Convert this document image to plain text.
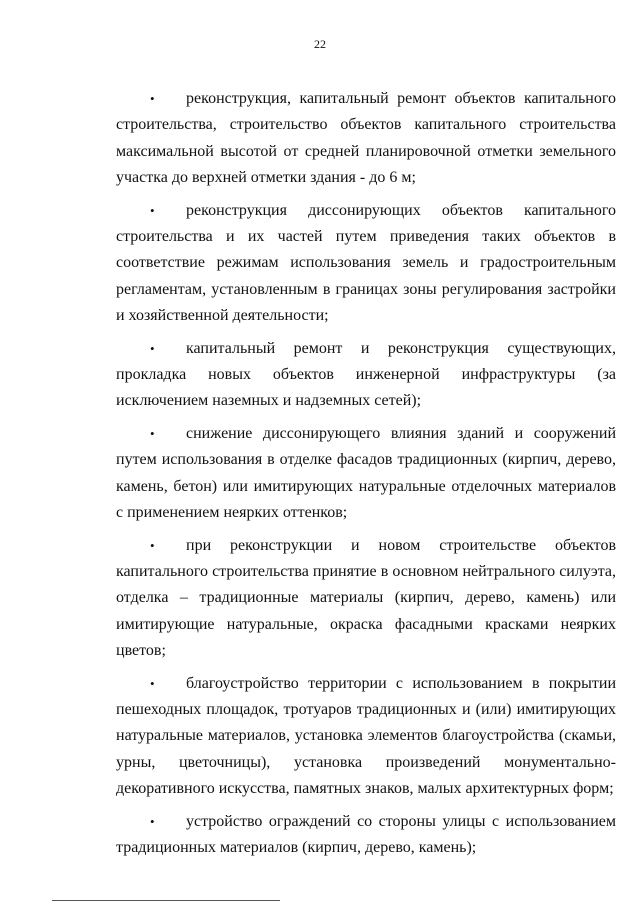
22

• реконструкция, капитальный ремонт объектов капитального строительства, строительство объектов капитального строительства максимальной высотой от средней планировочной отметки земельного участка до верхней отметки здания - до 6 м;

• реконструкция диссонирующих объектов капитального строительства и их частей путем приведения таких объектов в соответствие режимам использования земель и градостроительным регламентам, установленным в границах зоны регулирования застройки и хозяйственной деятельности;

• капитальный ремонт и реконструкция существующих, прокладка новых объектов инженерной инфраструктуры (за исключением наземных и надземных сетей);

• снижение диссонирующего влияния зданий и сооружений путем использования в отделке фасадов традиционных (кирпич, дерево, камень, бетон) или имитирующих натуральные отделочных материалов с применением неярких оттенков;

• при реконструкции и новом строительстве объектов капитального строительства принятие в основном нейтрального силуэта, отделка – традиционные материалы (кирпич, дерево, камень) или имитирующие натуральные, окраска фасадными красками неярких цветов;

• благоустройство территории с использованием в покрытии пешеходных площадок, тротуаров традиционных и (или) имитирующих натуральные материалов, установка элементов благоустройства (скамьи, урны, цветочницы), установка произведений монументально-декоративного искусства, памятных знаков, малых архитектурных форм;

• устройство ограждений со стороны улицы с использованием традиционных материалов (кирпич, дерево, камень);
